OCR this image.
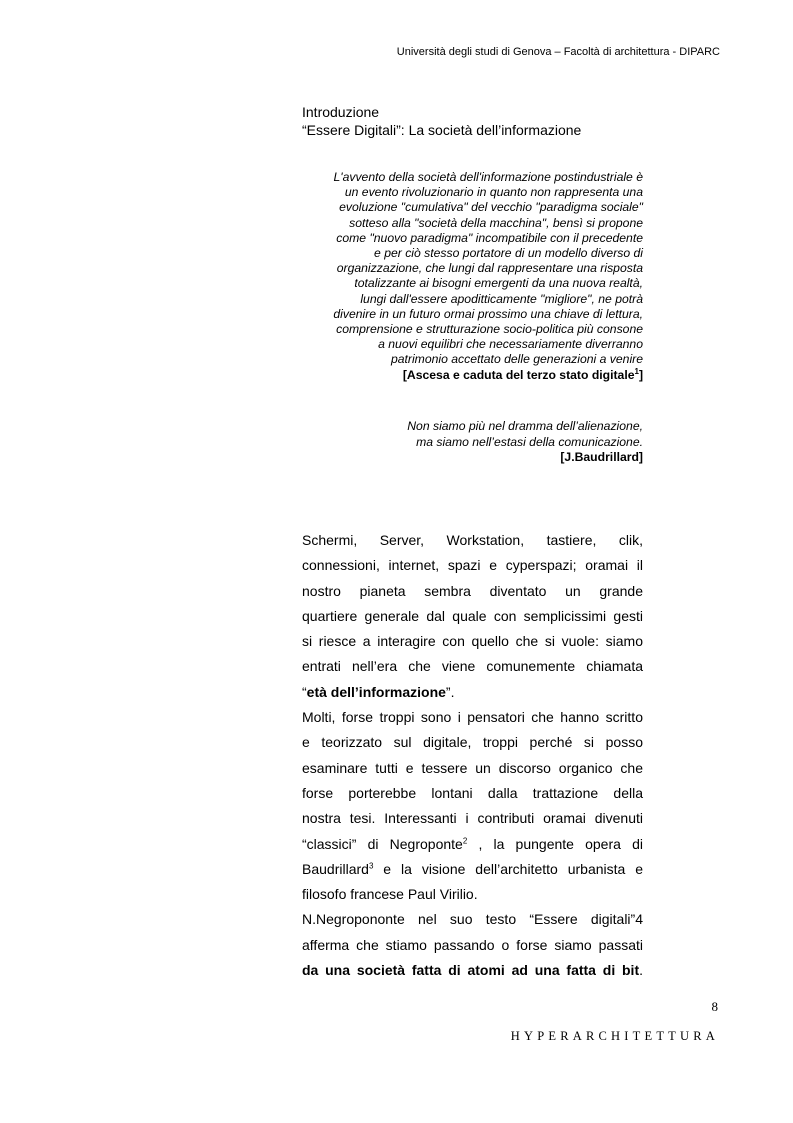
Università degli studi di Genova – Facoltà di architettura - DIPARC
Introduzione
“Essere Digitali”: La società dell’informazione
L'avvento della società dell'informazione postindustriale è
un evento rivoluzionario in quanto non rappresenta una
evoluzione "cumulativa" del vecchio "paradigma sociale"
sotteso alla "società della macchina", bensì si propone
come "nuovo paradigma" incompatibile con il precedente
e per ciò stesso portatore di un modello diverso di
organizzazione, che lungi dal rappresentare una risposta
totalizzante ai bisogni emergenti da una nuova realtà,
lungi dall'essere apoditticamente "migliore", ne potrà
divenire in un futuro ormai prossimo una chiave di lettura,
comprensione e strutturazione socio-politica più consone
a nuovi equilibri che necessariamente diverranno
patrimonio accettato delle generazioni a venire
[Ascesa e caduta del terzo stato digitale$^1$]
Non siamo più nel dramma dell’alienazione,
ma siamo nell’estasi della comunicazione.
[J.Baudrillard]
Schermi, Server, Workstation, tastiere, clik,
connessioni, internet, spazi e cyperspazi; oramai il
nostro pianeta sembra diventato un grande
quartiere generale dal quale con semplicissimi gesti
si riesce a interagire con quello che si vuole: siamo
entrati nell’era che viene comunemente chiamata
“età dell’informazione”.
Molti, forse troppi sono i pensatori che hanno scritto
e teorizzato sul digitale, troppi perché si posso
esaminare tutti e tessere un discorso organico che
forse porterebbe lontani dalla trattazione della
nostra tesi. Interessanti i contributi oramai divenuti
“classici” di Negroponte$^2$ , la pungente opera di
Baudrillard$^3$ e la visione dell’architetto urbanista e
filosofo francese Paul Virilio.
N.Negropononte nel suo testo “Essere digitali”4
afferma che stiamo passando o forse siamo passati
da una società fatta di atomi ad una fatta di bit.
8
HYPERARCHITETTURA
